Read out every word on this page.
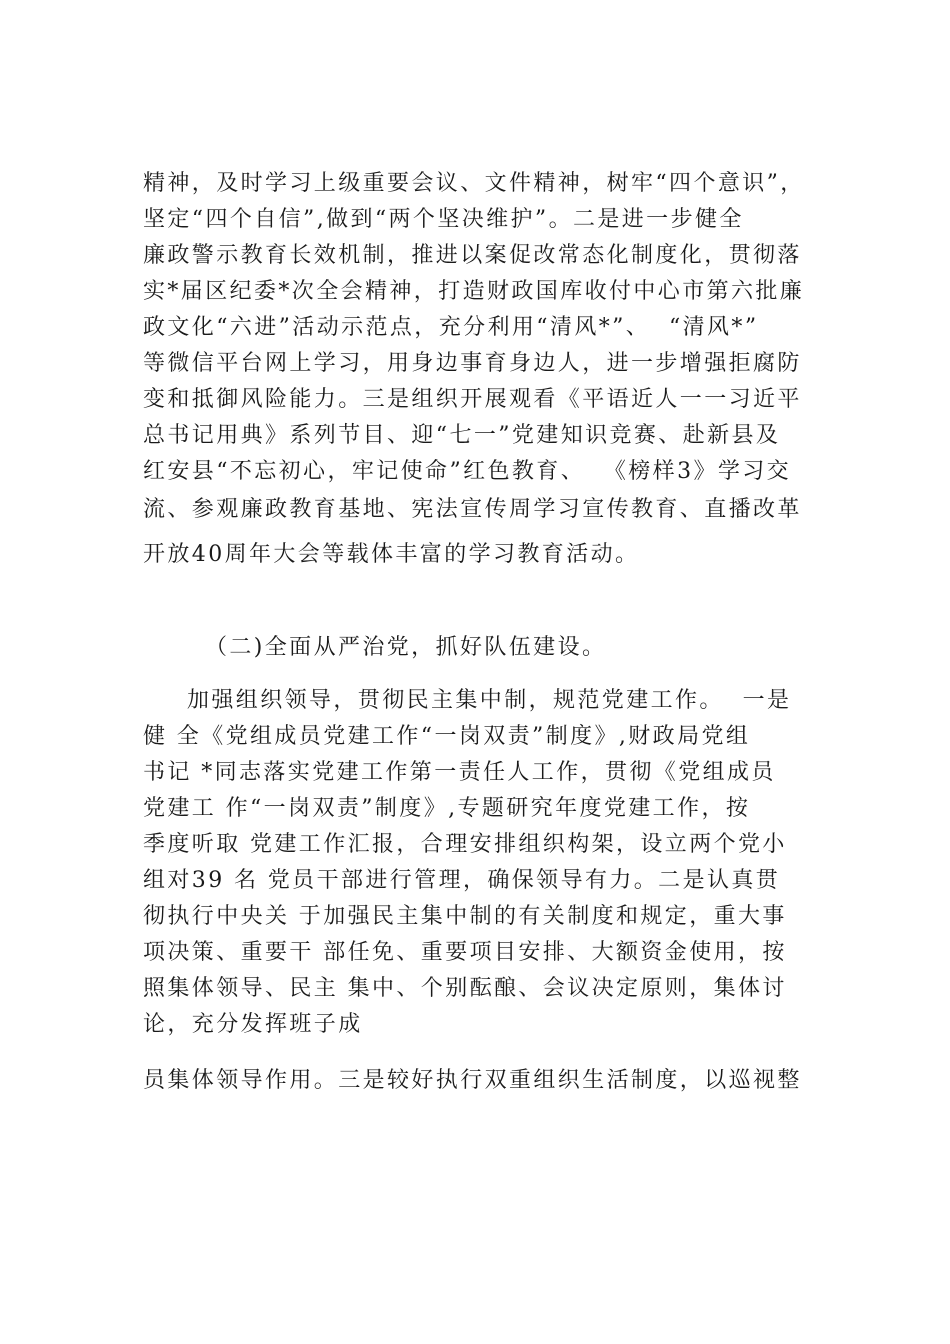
精神，及时学习上级重要会议、文件精神，树牢“四个意识”，
坚定“四个自信”,做到“两个坚决维护”。二是进一步健全
廉政警示教育长效机制，推进以案促改常态化制度化，贯彻落
实*届区纪委*次全会精神，打造财政国库收付中心市第六批廉
政文化“六进”活动示范点，充分利用“清风*”、  “清风*”
等微信平台网上学习，用身边事育身边人，进一步增强拒腐防
变和抵御风险能力。三是组织开展观看《平语近人一一习近平
总书记用典》系列节目、迎“七一”党建知识竞赛、赴新县及
红安县“不忘初心，牢记使命”红色教育、  《榜样3》学习交
流、参观廉政教育基地、宪法宣传周学习宣传教育、直播改革
开放40周年大会等载体丰富的学习教育活动。
（二)全面从严治党，抓好队伍建设。
加强组织领导，贯彻民主集中制，规范党建工作。  一是
健 全《党组成员党建工作“一岗双责”制度》,财政局党组
书记 *同志落实党建工作第一责任人工作，贯彻《党组成员
党建工 作“一岗双责”制度》,专题研究年度党建工作，按
季度听取 党建工作汇报，合理安排组织构架，设立两个党小
组对39 名 党员干部进行管理，确保领导有力。二是认真贯
彻执行中央关 于加强民主集中制的有关制度和规定，重大事
项决策、重要干 部任免、重要项目安排、大额资金使用，按
照集体领导、民主 集中、个别酝酿、会议决定原则，集体讨
论，充分发挥班子成
员集体领导作用。三是较好执行双重组织生活制度，以巡视整
